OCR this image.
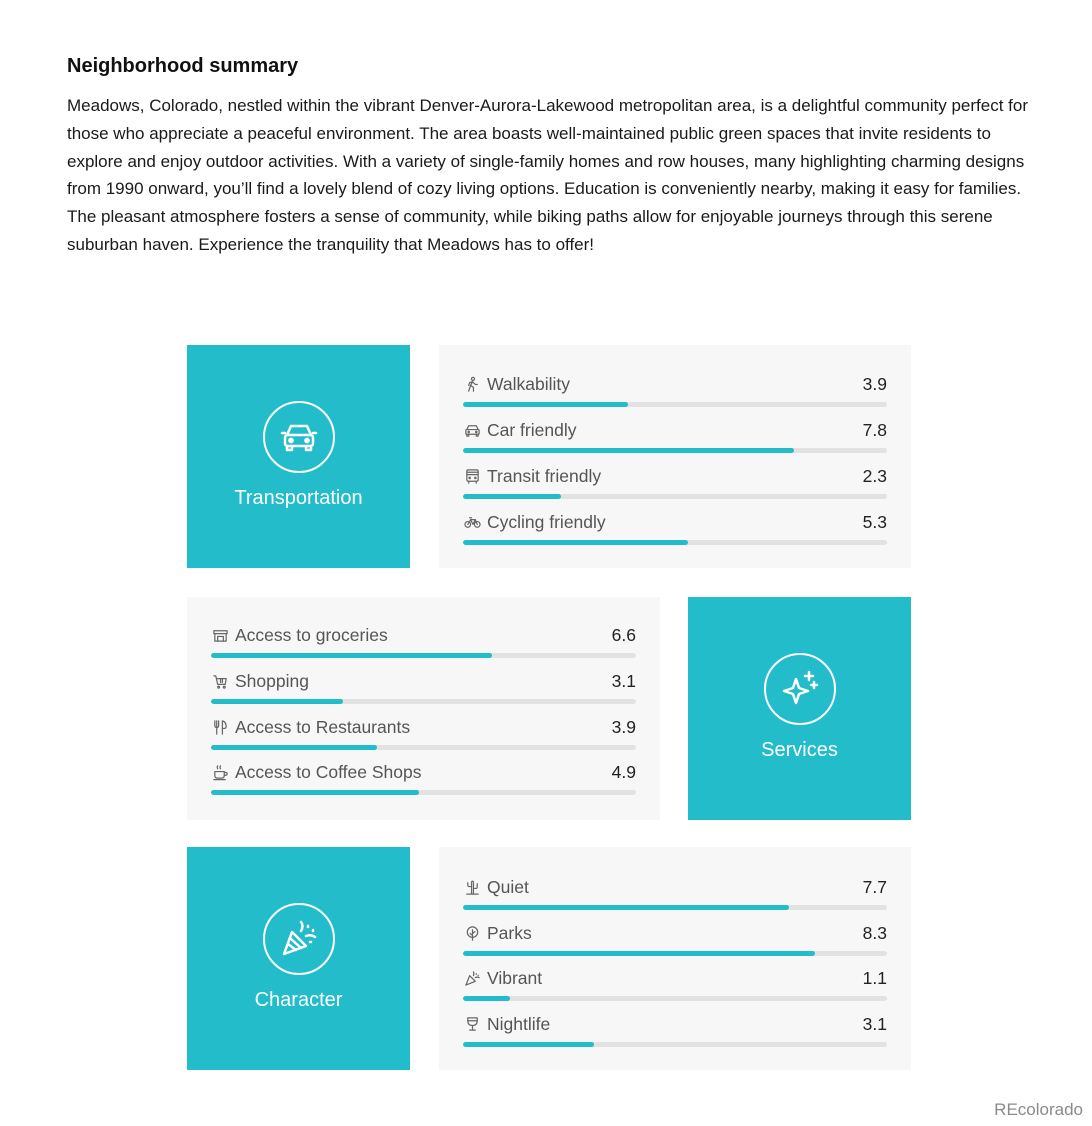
Neighborhood summary

Meadows, Colorado, nestled within the vibrant Denver-Aurora-Lakewood metropolitan area, is a delightful community perfect for those who appreciate a peaceful environment. The area boasts well-maintained public green spaces that invite residents to explore and enjoy outdoor activities. With a variety of single-family homes and row houses, many highlighting charming designs from 1990 onward, you’ll find a lovely blend of cozy living options. Education is conveniently nearby, making it easy for families. The pleasant atmosphere fosters a sense of community, while biking paths allow for enjoyable journeys through this serene suburban haven. Experience the tranquility that Meadows has to offer!

Transportation
Walkability	3.9
Car friendly	7.8
Transit friendly	2.3
Cycling friendly	5.3
Access to groceries	6.6
Shopping	3.1
Access to Restaurants	3.9
Access to Coffee Shops	4.9
Services
Character
Quiet	7.7
Parks	8.3
Vibrant	1.1
Nightlife	3.1
REcolorado
